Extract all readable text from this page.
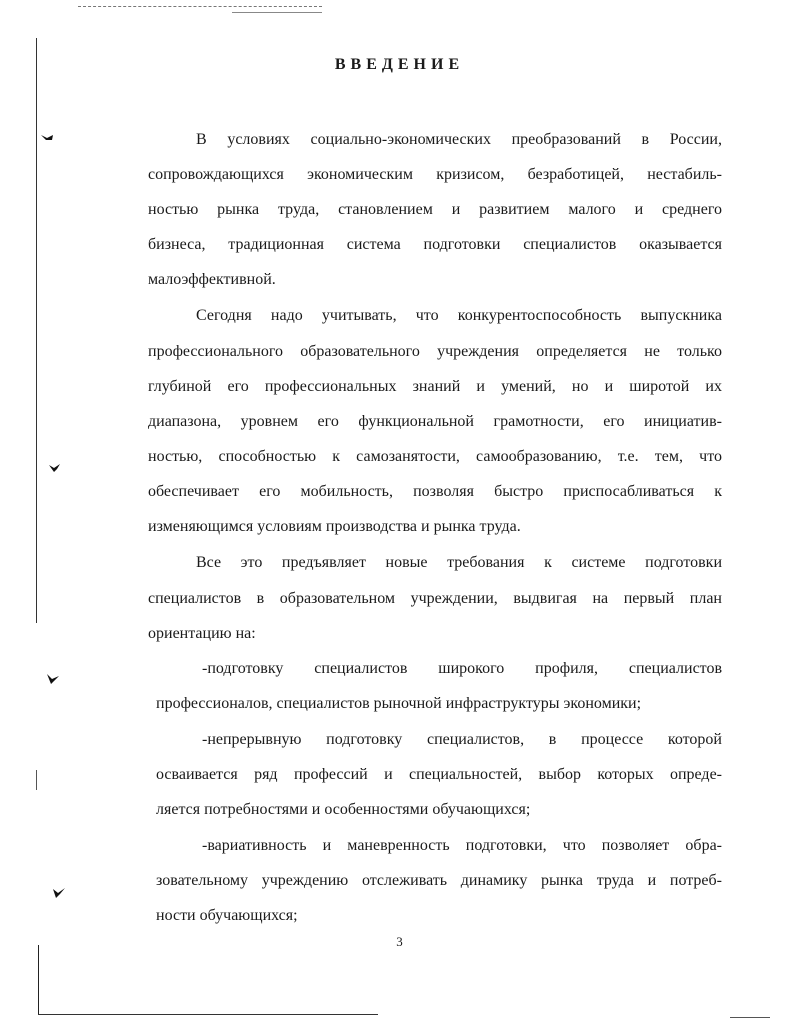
ВВЕДЕНИЕ
В условиях социально-экономических преобразований в России,
сопровождающихся экономическим кризисом, безработицей, нестабиль-
ностью рынка труда, становлением и развитием малого и среднего
бизнеса, традиционная система подготовки специалистов оказывается
малоэффективной.
Сегодня надо учитывать, что конкурентоспособность выпускника
профессионального образовательного учреждения определяется не только
глубиной его профессиональных знаний и умений, но и широтой их
диапазона, уровнем его функциональной грамотности, его инициатив-
ностью, способностью к самозанятости, самообразованию, т.е. тем, что
обеспечивает его мобильность, позволяя быстро приспосабливаться к
изменяющимся условиям производства и рынка труда.
Все это предъявляет новые требования к системе подготовки
специалистов в образовательном учреждении, выдвигая на первый план
ориентацию на:
-подготовку специалистов широкого профиля, специалистов
профессионалов, специалистов рыночной инфраструктуры экономики;
-непрерывную подготовку специалистов, в процессе которой
осваивается ряд профессий и специальностей, выбор которых опреде-
ляется потребностями и особенностями обучающихся;
-вариативность и маневренность подготовки, что позволяет обра-
зовательному учреждению отслеживать динамику рынка труда и потреб-
ности обучающихся;
3
